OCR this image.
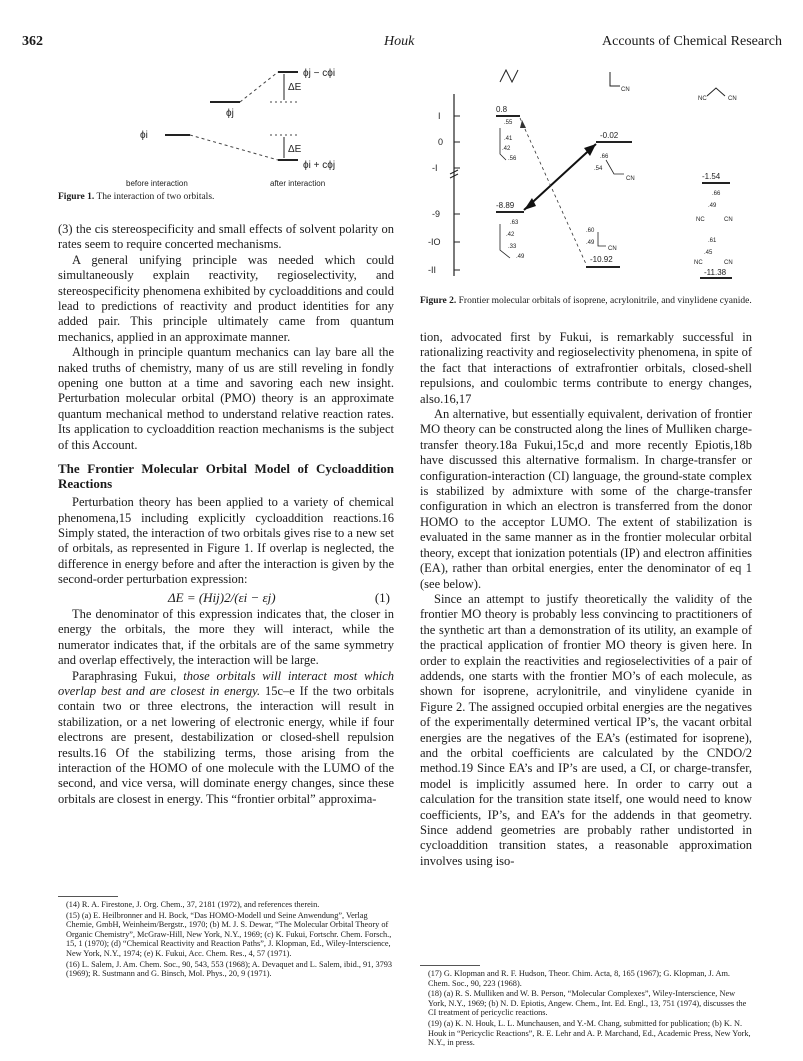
362	Houk	Accounts of Chemical Research
ϕj − cϕi
ϕj
ΔE
ϕi
ΔE
ϕi + cϕj
before interaction	after interaction
Figure 1. The interaction of two orbitals.
I
0
-I
-9
-IO
-II
CN
NC	CN
0.8
.55
.41
.42
.56
-8.89
.63
.42
.33
.49
-0.02
.66
.54
CN
-10.92
.60
.49
CN
-1.54
.66
.49
NC	CN
-11.38
.61
.45
NC	CN
Figure 2. Frontier molecular orbitals of isoprene, acrylonitrile, and vinylidene cyanide.

(3) the cis stereospecificity and small effects of solvent polarity on rates seem to require concerted mechanisms.

A general unifying principle was needed which could simultaneously explain reactivity, regioselectivity, and stereospecificity phenomena exhibited by cycloadditions and could lead to predictions of reactivity and product identities for any added pair. This principle ultimately came from quantum mechanics, applied in an approximate manner.

Although in principle quantum mechanics can lay bare all the naked truths of chemistry, many of us are still reveling in fondly opening one button at a time and savoring each new insight. Perturbation molecular orbital (PMO) theory is an approximate quantum mechanical method to understand relative reaction rates. Its application to cycloaddition reaction mechanisms is the subject of this Account.

The Frontier Molecular Orbital Model of Cycloaddition Reactions

Perturbation theory has been applied to a variety of chemical phenomena,15 including explicitly cycloaddition reactions.16 Simply stated, the interaction of two orbitals gives rise to a new set of orbitals, as represented in Figure 1. If overlap is neglected, the difference in energy before and after the interaction is given by the second-order perturbation expression:

ΔE = (Hij)2/(εi − εj)	(1)

The denominator of this expression indicates that, the closer in energy the orbitals, the more they will interact, while the numerator indicates that, if the orbitals are of the same symmetry and overlap effectively, the interaction will be large.

Paraphrasing Fukui, those orbitals will interact most which overlap best and are closest in energy. 15c–e If the two orbitals contain two or three electrons, the interaction will result in stabilization, or a net lowering of electronic energy, while if four electrons are present, destabilization or closed-shell repulsion results.16 Of the stabilizing terms, those arising from the interaction of the HOMO of one molecule with the LUMO of the second, and vice versa, will dominate energy changes, since these orbitals are closest in energy. This “frontier orbital” approxima-

tion, advocated first by Fukui, is remarkably successful in rationalizing reactivity and regioselectivity phenomena, in spite of the fact that interactions of extrafrontier orbitals, closed-shell repulsions, and coulombic terms contribute to energy changes, also.16,17

An alternative, but essentially equivalent, derivation of frontier MO theory can be constructed along the lines of Mulliken charge-transfer theory.18a Fukui,15c,d and more recently Epiotis,18b have discussed this alternative formalism. In charge-transfer or configuration-interaction (CI) language, the ground-state complex is stabilized by admixture with some of the charge-transfer configuration in which an electron is transferred from the donor HOMO to the acceptor LUMO. The extent of stabilization is evaluated in the same manner as in the frontier molecular orbital theory, except that ionization potentials (IP) and electron affinities (EA), rather than orbital energies, enter the denominator of eq 1 (see below).

Since an attempt to justify theoretically the validity of the frontier MO theory is probably less convincing to practitioners of the synthetic art than a demonstration of its utility, an example of the practical application of frontier MO theory is given here. In order to explain the reactivities and regioselectivities of a pair of addends, one starts with the frontier MO’s of each molecule, as shown for isoprene, acrylonitrile, and vinylidene cyanide in Figure 2. The assigned occupied orbital energies are the negatives of the experimentally determined vertical IP’s, the vacant orbital energies are the negatives of the EA’s (estimated for isoprene), and the orbital coefficients are calculated by the CNDO/2 method.19 Since EA’s and IP’s are used, a CI, or charge-transfer, model is implicitly assumed here. In order to carry out a calculation for the transition state itself, one would need to know coefficients, IP’s, and EA’s for the addends in that geometry. Since addend geometries are probably rather undistorted in cycloaddition transition states, a reasonable approximation involves using iso-

(14) R. A. Firestone, J. Org. Chem., 37, 2181 (1972), and references therein.

(15) (a) E. Heilbronner and H. Bock, “Das HOMO-Modell und Seine Anwendung”, Verlag Chemie, GmbH, Weinheim/Bergstr., 1970; (b) M. J. S. Dewar, “The Molecular Orbital Theory of Organic Chemistry”, McGraw-Hill, New York, N.Y., 1969; (c) K. Fukui, Fortschr. Chem. Forsch., 15, 1 (1970); (d) “Chemical Reactivity and Reaction Paths”, J. Klopman, Ed., Wiley-Interscience, New York, N.Y., 1974; (e) K. Fukui, Acc. Chem. Res., 4, 57 (1971).

(16) L. Salem, J. Am. Chem. Soc., 90, 543, 553 (1968); A. Devaquet and L. Salem, ibid., 91, 3793 (1969); R. Sustmann and G. Binsch, Mol. Phys., 20, 9 (1971).	(17) G. Klopman and R. F. Hudson, Theor. Chim. Acta, 8, 165 (1967); G. Klopman, J. Am. Chem. Soc., 90, 223 (1968).

(18) (a) R. S. Mulliken and W. B. Person, “Molecular Complexes”, Wiley-Interscience, New York, N.Y., 1969; (b) N. D. Epiotis, Angew. Chem., Int. Ed. Engl., 13, 751 (1974), discusses the CI treatment of pericyclic reactions.

(19) (a) K. N. Houk, L. L. Munchausen, and Y.-M. Chang, submitted for publication; (b) K. N. Houk in “Pericyclic Reactions”, R. E. Lehr and A. P. Marchand, Ed., Academic Press, New York, N.Y., in press.
